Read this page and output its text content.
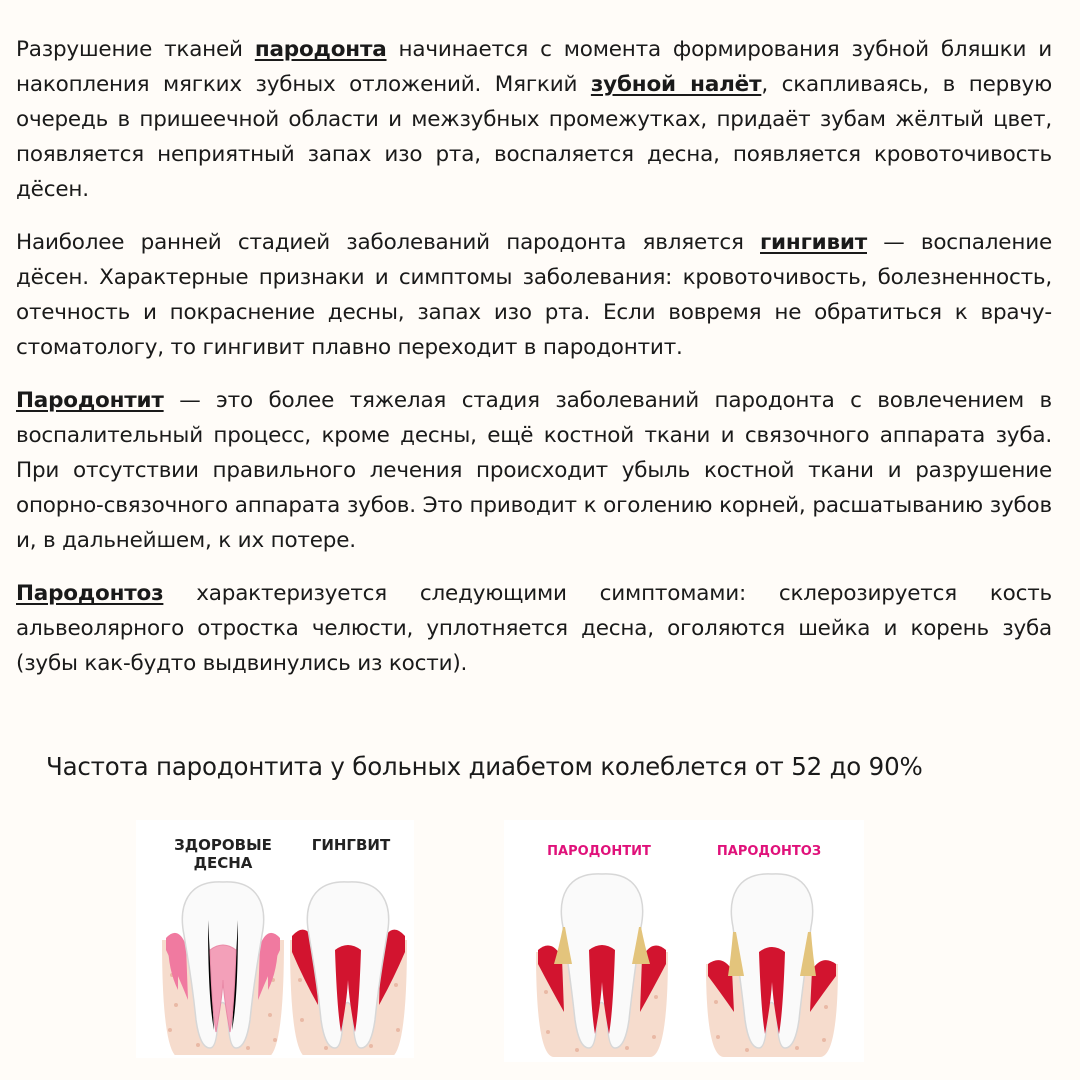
Разрушение тканей пародонта начинается с момента формирования зубной бляшки и накопления мягких зубных отложений. Мягкий зубной налёт, скапливаясь, в первую очередь в пришеечной области и межзубных промежутках, придаёт зубам жёлтый цвет, появляется неприятный запах изо рта, воспаляется десна, появляется кровоточивость дёсен.

Наиболее ранней стадией заболеваний пародонта является гингивит — воспаление дёсен. Характерные признаки и симптомы заболевания: кровоточивость, болезненность, отечность и покраснение десны, запах изо рта. Если вовремя не обратиться к врачу-стоматологу, то гингивит плавно переходит в пародонтит.

Пародонтит — это более тяжелая стадия заболеваний пародонта с вовлечением в воспалительный процесс, кроме десны, ещё костной ткани и связочного аппарата зуба. При отсутствии правильного лечения происходит убыль костной ткани и разрушение опорно-связочного аппарата зубов. Это приводит к оголению корней, расшатыванию зубов и, в дальнейшем, к их потере.

Пародонтоз характеризуется следующими симптомами: склерозируется кость альвеолярного отростка челюсти, уплотняется десна, оголяются шейка и корень зуба (зубы как-будто выдвинулись из кости).

Частота пародонтита у больных диабетом колеблется от 52 до 90%

ЗДОРОВЫЕ
ДЕСНА
ГИНГВИТ	ПАРОДОНТИТ	ПАРОДОНТОЗ
